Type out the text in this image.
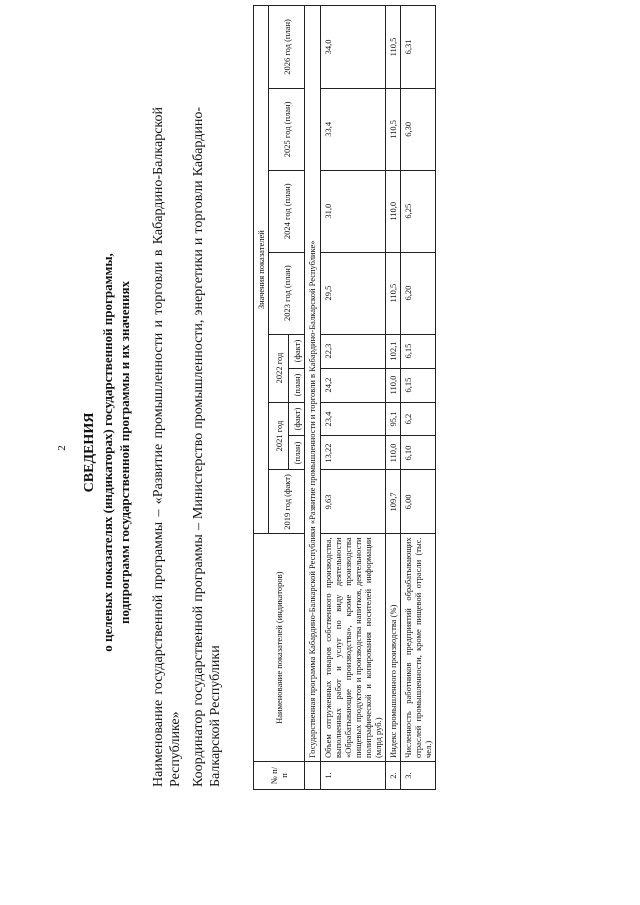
2 СВЕДЕНИЯ о целевых показателях (индикаторах) государственной программы, подпрограмм государственной программы и их значениях Наименование государственной программы – «Развитие промышленности и торговли в Кабардино-Балкарской Республике» Координатор государственной программы – Министерство промышленности, энергетики и торговли Кабардино-Балкарской Республики	№ п/п	Наименование показателей (индикаторов)	Значения показателей								
		2019 год (факт)	2021 год		2022 год		2023 год (план)	2024 год (план)	2025 год (план)	2026 год (план)
			(план)	(факт)	(план)	(факт)				
	Государственная программа Кабардино-Балкарской Республики «Развитие промышленности и торговли в Кабардино-Балкарской Республике»									
1.	Объем отгруженных товаров собственного производства, выполненных работ и услуг по виду деятельности «Обрабатывающие производства», кроме производства пищевых продуктов и производства напитков, деятельности полиграфической и копирования носителей информации (млрд руб.)	9,63	13,22	23,4	24,2	22,3	29,5	31,0	33,4	34,0
2.	Индекс промышленного производства (%)	109,7	110,0	95,1	110,0	102,1	110,5	110,0	110,5	110,5
3.	Численность работников предприятий обрабатывающих отраслей промышленности, кроме пищевой отрасли (тыс. чел.)	6,00	6,10	6,2	6,15	6,15	6,20	6,25	6,30	6,31
